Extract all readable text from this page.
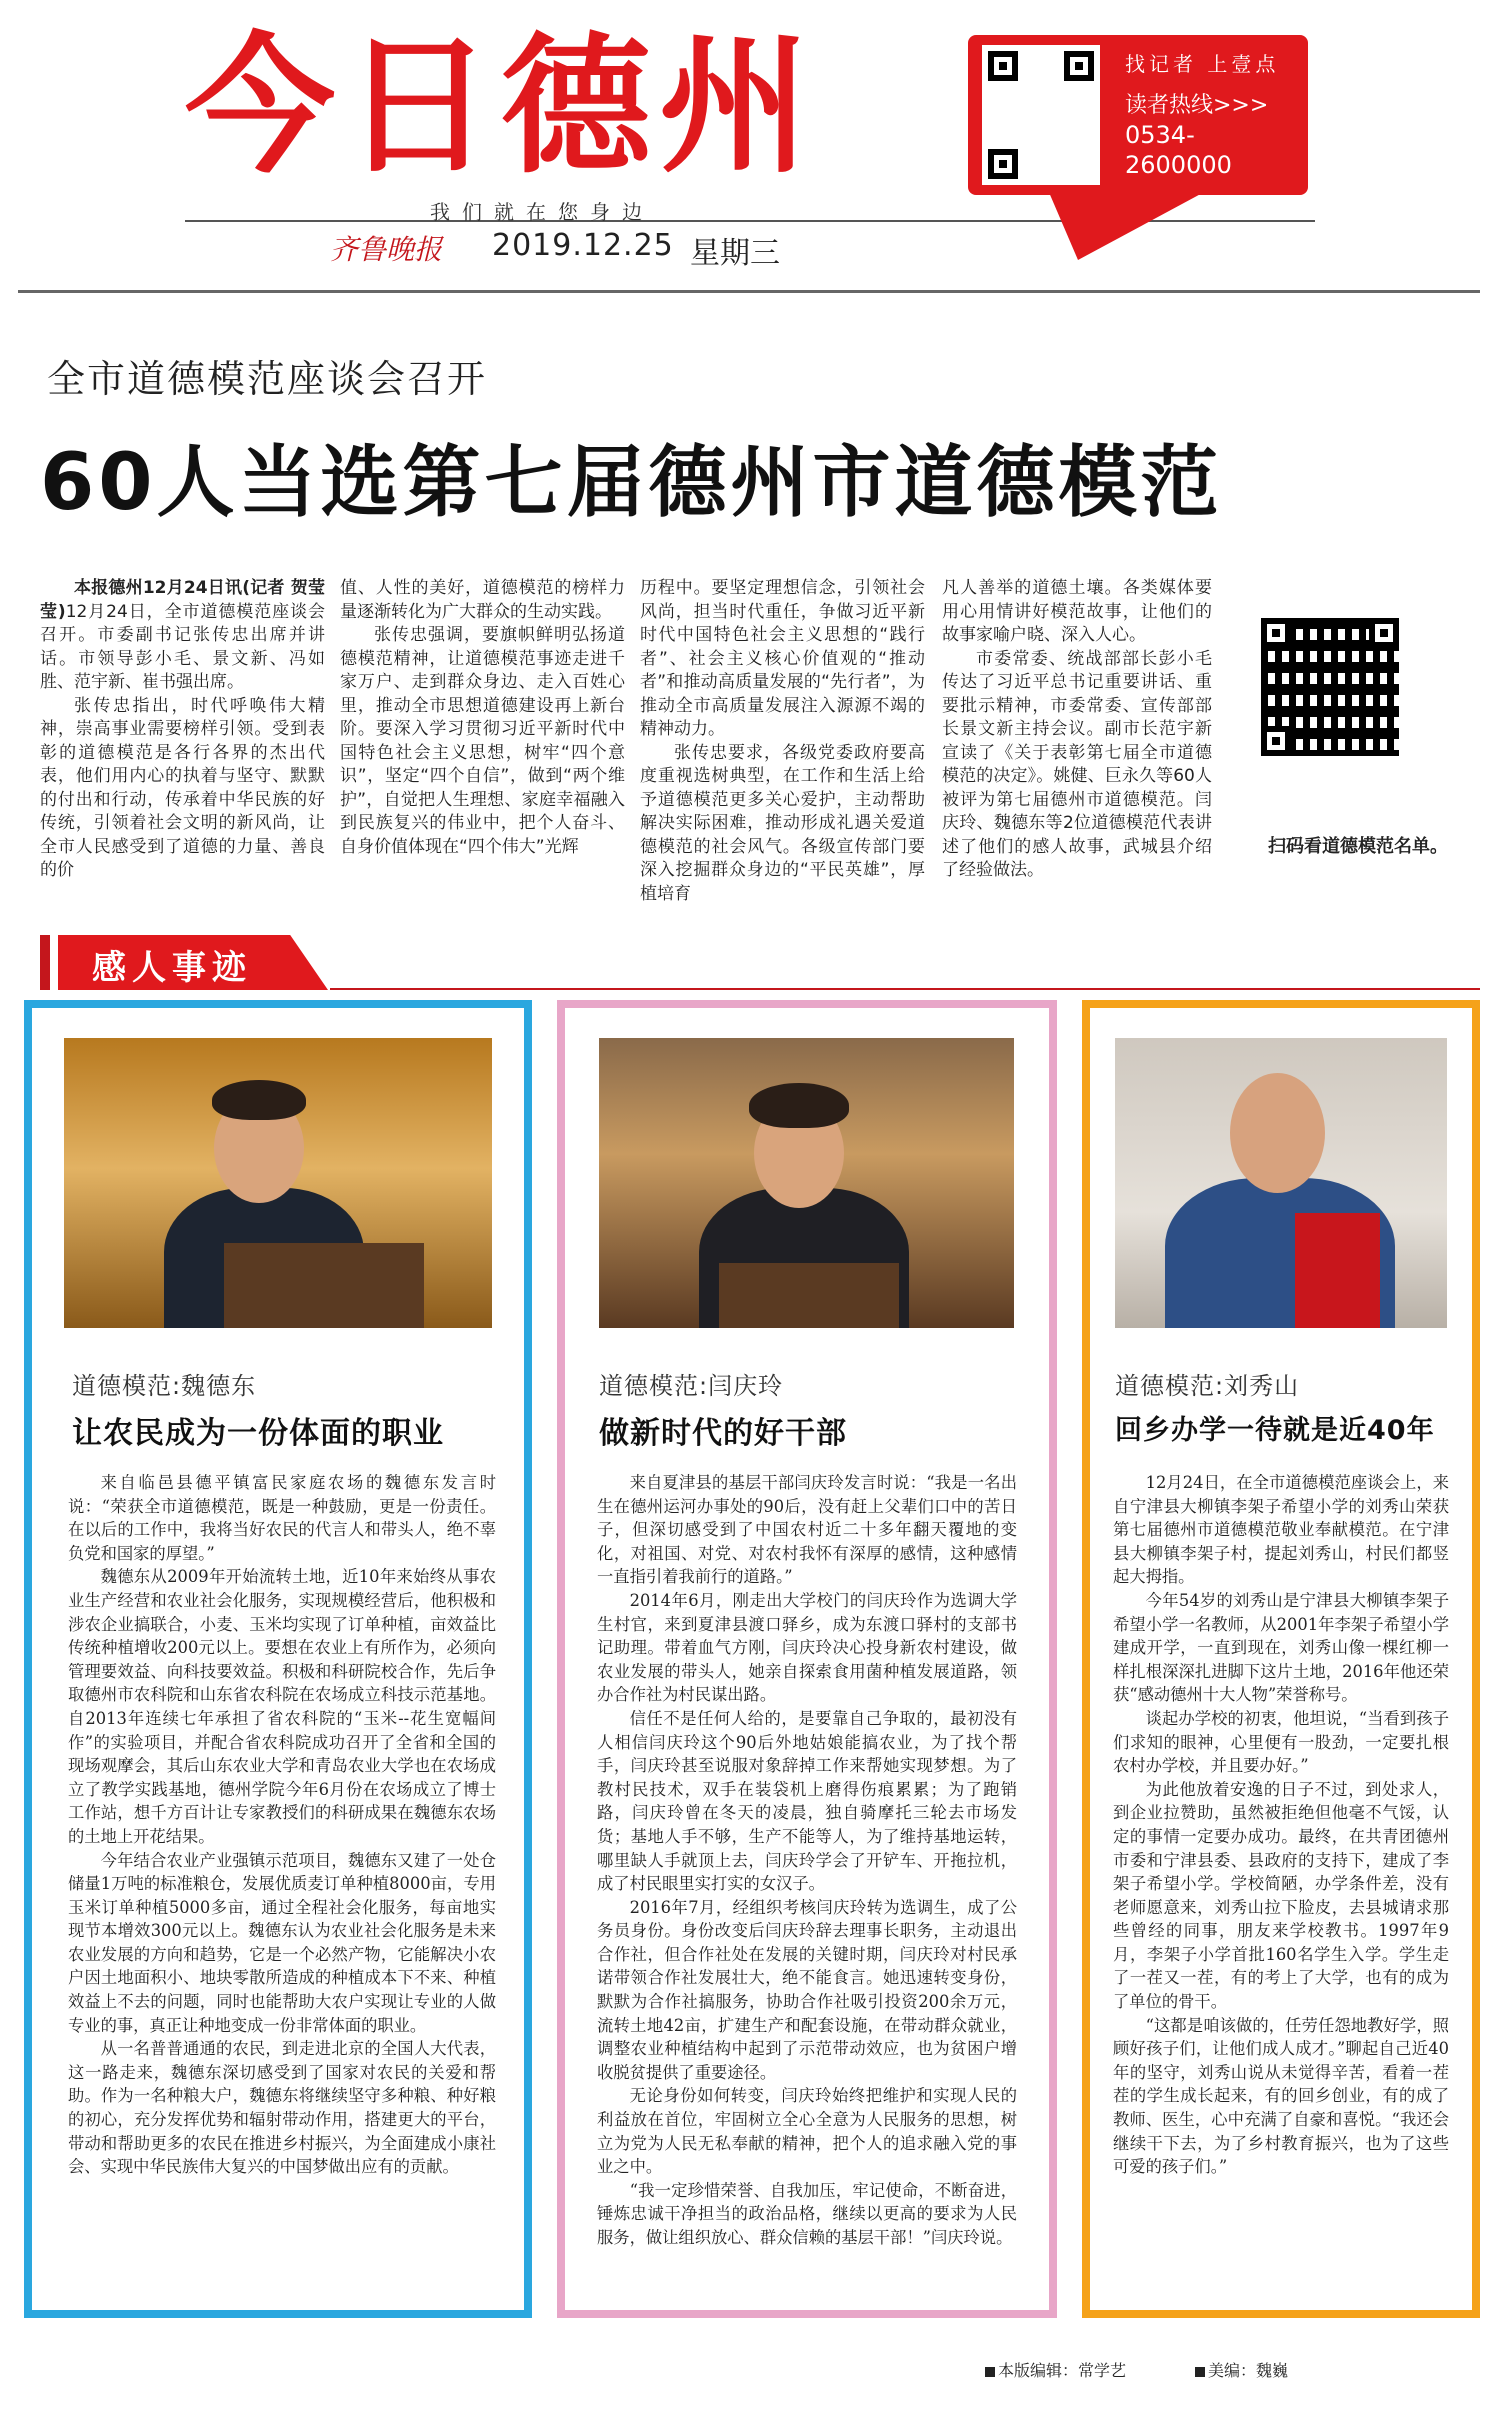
今日德州
我们就在您身边
齐鲁晚报 2019.12.25 星期三
找记者 上壹点
读者热线>>>
0534-2600000
全市道德模范座谈会召开
60人当选第七届德州市道德模范

本报德州12月24日讯(记者 贺莹莹)12月24日，全市道德模范座谈会召开。市委副书记张传忠出席并讲话。市领导彭小毛、景文新、冯如胜、范宇新、崔书强出席。

张传忠指出，时代呼唤伟大精神，崇高事业需要榜样引领。受到表彰的道德模范是各行各界的杰出代表，他们用内心的执着与坚守、默默的付出和行动，传承着中华民族的好传统，引领着社会文明的新风尚，让全市人民感受到了道德的力量、善良的价

值、人性的美好，道德模范的榜样力量逐渐转化为广大群众的生动实践。

张传忠强调，要旗帜鲜明弘扬道德模范精神，让道德模范事迹走进千家万户、走到群众身边、走入百姓心里，推动全市思想道德建设再上新台阶。要深入学习贯彻习近平新时代中国特色社会主义思想，树牢“四个意识”，坚定“四个自信”，做到“两个维护”，自觉把人生理想、家庭幸福融入到民族复兴的伟业中，把个人奋斗、自身价值体现在“四个伟大”光辉

历程中。要坚定理想信念，引领社会风尚，担当时代重任，争做习近平新时代中国特色社会主义思想的“践行者”、社会主义核心价值观的“推动者”和推动高质量发展的“先行者”，为推动全市高质量发展注入源源不竭的精神动力。

张传忠要求，各级党委政府要高度重视选树典型，在工作和生活上给予道德模范更多关心爱护，主动帮助解决实际困难，推动形成礼遇关爱道德模范的社会风气。各级宣传部门要深入挖掘群众身边的“平民英雄”，厚植培育

凡人善举的道德土壤。各类媒体要用心用情讲好模范故事，让他们的故事家喻户晓、深入人心。

市委常委、统战部部长彭小毛传达了习近平总书记重要讲话、重要批示精神，市委常委、宣传部部长景文新主持会议。副市长范宇新宣读了《关于表彰第七届全市道德模范的决定》。姚健、巨永久等60人被评为第七届德州市道德模范。闫庆玲、魏德东等2位道德模范代表讲述了他们的感人故事，武城县介绍了经验做法。

扫码看道德模范名单。
感人事迹
道德模范:魏德东
让农民成为一份体面的职业

来自临邑县德平镇富民家庭农场的魏德东发言时说：“荣获全市道德模范，既是一种鼓励，更是一份责任。在以后的工作中，我将当好农民的代言人和带头人，绝不辜负党和国家的厚望。”

魏德东从2009年开始流转土地，近10年来始终从事农业生产经营和农业社会化服务，实现规模经营后，他积极和涉农企业搞联合，小麦、玉米均实现了订单种植，亩效益比传统种植增收200元以上。要想在农业上有所作为，必须向管理要效益、向科技要效益。积极和科研院校合作，先后争取德州市农科院和山东省农科院在农场成立科技示范基地。自2013年连续七年承担了省农科院的“玉米--花生宽幅间作”的实验项目，并配合省农科院成功召开了全省和全国的现场观摩会，其后山东农业大学和青岛农业大学也在农场成立了教学实践基地，德州学院今年6月份在农场成立了博士工作站，想千方百计让专家教授们的科研成果在魏德东农场的土地上开花结果。

今年结合农业产业强镇示范项目，魏德东又建了一处仓储量1万吨的标准粮仓，发展优质麦订单种植8000亩，专用玉米订单种植5000多亩，通过全程社会化服务，每亩地实现节本增效300元以上。魏德东认为农业社会化服务是未来农业发展的方向和趋势，它是一个必然产物，它能解决小农户因土地面积小、地块零散所造成的种植成本下不来、种植效益上不去的问题，同时也能帮助大农户实现让专业的人做专业的事，真正让种地变成一份非常体面的职业。

从一名普普通通的农民，到走进北京的全国人大代表，这一路走来，魏德东深切感受到了国家对农民的关爱和帮助。作为一名种粮大户，魏德东将继续坚守多种粮、种好粮的初心，充分发挥优势和辐射带动作用，搭建更大的平台，带动和帮助更多的农民在推进乡村振兴，为全面建成小康社会、实现中华民族伟大复兴的中国梦做出应有的贡献。

道德模范:闫庆玲
做新时代的好干部

来自夏津县的基层干部闫庆玲发言时说：“我是一名出生在德州运河办事处的90后，没有赶上父辈们口中的苦日子，但深切感受到了中国农村近二十多年翻天覆地的变化，对祖国、对党、对农村我怀有深厚的感情，这种感情一直指引着我前行的道路。”

2014年6月，刚走出大学校门的闫庆玲作为选调大学生村官，来到夏津县渡口驿乡，成为东渡口驿村的支部书记助理。带着血气方刚，闫庆玲决心投身新农村建设，做农业发展的带头人，她亲自探索食用菌种植发展道路，领办合作社为村民谋出路。

信任不是任何人给的，是要靠自己争取的，最初没有人相信闫庆玲这个90后外地姑娘能搞农业，为了找个帮手，闫庆玲甚至说服对象辞掉工作来帮她实现梦想。为了教村民技术，双手在装袋机上磨得伤痕累累；为了跑销路，闫庆玲曾在冬天的凌晨，独自骑摩托三轮去市场发货；基地人手不够，生产不能等人，为了维持基地运转，哪里缺人手就顶上去，闫庆玲学会了开铲车、开拖拉机，成了村民眼里实打实的女汉子。

2016年7月，经组织考核闫庆玲转为选调生，成了公务员身份。身份改变后闫庆玲辞去理事长职务，主动退出合作社，但合作社处在发展的关键时期，闫庆玲对村民承诺带领合作社发展壮大，绝不能食言。她迅速转变身份，默默为合作社搞服务，协助合作社吸引投资200余万元，流转土地42亩，扩建生产和配套设施，在带动群众就业，调整农业种植结构中起到了示范带动效应，也为贫困户增收脱贫提供了重要途径。

无论身份如何转变，闫庆玲始终把维护和实现人民的利益放在首位，牢固树立全心全意为人民服务的思想，树立为党为人民无私奉献的精神，把个人的追求融入党的事业之中。

“我一定珍惜荣誉、自我加压，牢记使命，不断奋进，锤炼忠诚干净担当的政治品格，继续以更高的要求为人民服务，做让组织放心、群众信赖的基层干部！”闫庆玲说。

道德模范:刘秀山
回乡办学一待就是近40年

12月24日，在全市道德模范座谈会上，来自宁津县大柳镇李架子希望小学的刘秀山荣获第七届德州市道德模范敬业奉献模范。在宁津县大柳镇李架子村，提起刘秀山，村民们都竖起大拇指。

今年54岁的刘秀山是宁津县大柳镇李架子希望小学一名教师，从2001年李架子希望小学建成开学，一直到现在，刘秀山像一棵红柳一样扎根深深扎进脚下这片土地，2016年他还荣获“感动德州十大人物”荣誉称号。

谈起办学校的初衷，他坦说，“当看到孩子们求知的眼神，心里便有一股劲，一定要扎根农村办学校，并且要办好。”

为此他放着安逸的日子不过，到处求人，到企业拉赞助，虽然被拒绝但他毫不气馁，认定的事情一定要办成功。最终，在共青团德州市委和宁津县委、县政府的支持下，建成了李架子希望小学。学校简陋，办学条件差，没有老师愿意来，刘秀山拉下脸皮，去县城请求那些曾经的同事，朋友来学校教书。1997年9月，李架子小学首批160名学生入学。学生走了一茬又一茬，有的考上了大学，也有的成为了单位的骨干。

“这都是咱该做的，任劳任怨地教好学，照顾好孩子们，让他们成人成才。”聊起自己近40年的坚守，刘秀山说从未觉得辛苦，看着一茬茬的学生成长起来，有的回乡创业，有的成了教师、医生，心中充满了自豪和喜悦。“我还会继续干下去，为了乡村教育振兴，也为了这些可爱的孩子们。”

本版编辑：常学艺	美编：魏巍
